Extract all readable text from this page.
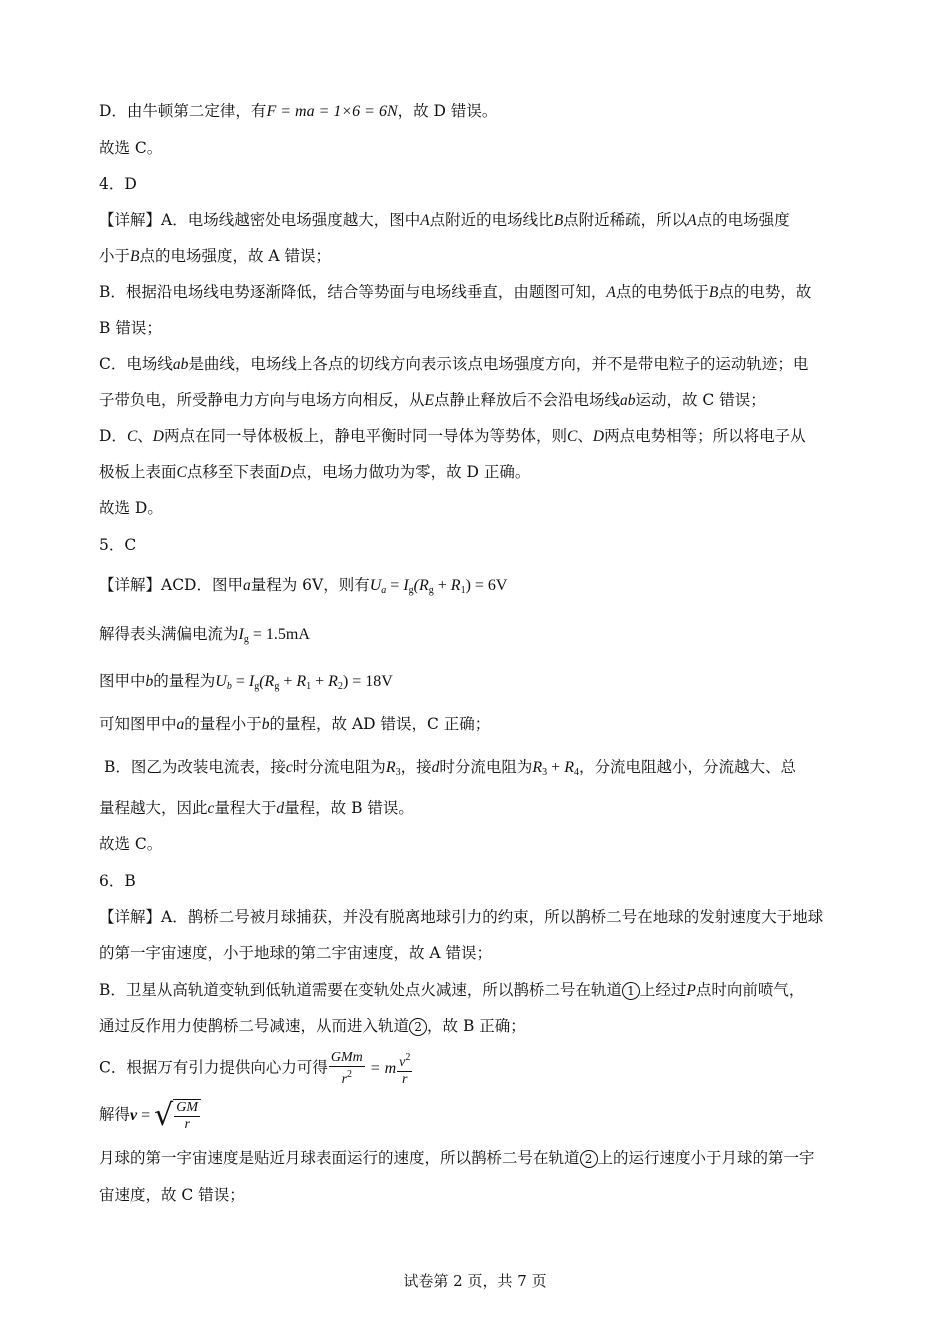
D．由牛顿第二定律，有F = ma = 1×6 = 6N，故 D 错误。
故选 C。
4．D
【详解】A．电场线越密处电场强度越大，图中A点附近的电场线比B点附近稀疏，所以A点的电场强度
小于B点的电场强度，故 A 错误；
B．根据沿电场线电势逐渐降低，结合等势面与电场线垂直，由题图可知，A点的电势低于B点的电势，故
B 错误；
C．电场线ab是曲线，电场线上各点的切线方向表示该点电场强度方向，并不是带电粒子的运动轨迹；电
子带负电，所受静电力方向与电场方向相反，从E点静止释放后不会沿电场线ab运动，故 C 错误；
D．C、D两点在同一导体极板上，静电平衡时同一导体为等势体，则C、D两点电势相等；所以将电子从
极板上表面C点移至下表面D点，电场力做功为零，故 D 正确。
故选 D。
5．C
【详解】ACD．图甲a量程为 6V，则有$U_a = I_g(R_g + R_1) = 6V$
解得表头满偏电流为$I_g = 1.5mA$
图甲中b的量程为$U_b = I_g(R_g + R_1 + R_2) = 18V$
可知图甲中a的量程小于b的量程，故 AD 错误，C 正确；
B．图乙为改装电流表，接c时分流电阻为$R_3$，接d时分流电阻为$R_3 + R_4$，分流电阻越小，分流越大、总
量程越大，因此c量程大于d量程，故 B 错误。
故选 C。
6．B
【详解】A．鹊桥二号被月球捕获，并没有脱离地球引力的约束，所以鹊桥二号在地球的发射速度大于地球
的第一宇宙速度，小于地球的第二宇宙速度，故 A 错误；
B．卫星从高轨道变轨到低轨道需要在变轨处点火减速，所以鹊桥二号在轨道 1 上经过P点时向前喷气，
通过反作用力使鹊桥二号减速，从而进入轨道 2 ，故 B 正确；
C．根据万有引力提供向心力可得 $\frac{\text{GMm}}{r^2} = m \frac{v^2}{r}$
解得v = √ $\frac{GM}{r}$
月球的第一宇宙速度是贴近月球表面运行的速度，所以鹊桥二号在轨道 2 上的运行速度小于月球的第一宇
宙速度，故 C 错误；
试卷第 2 页，共 7 页
